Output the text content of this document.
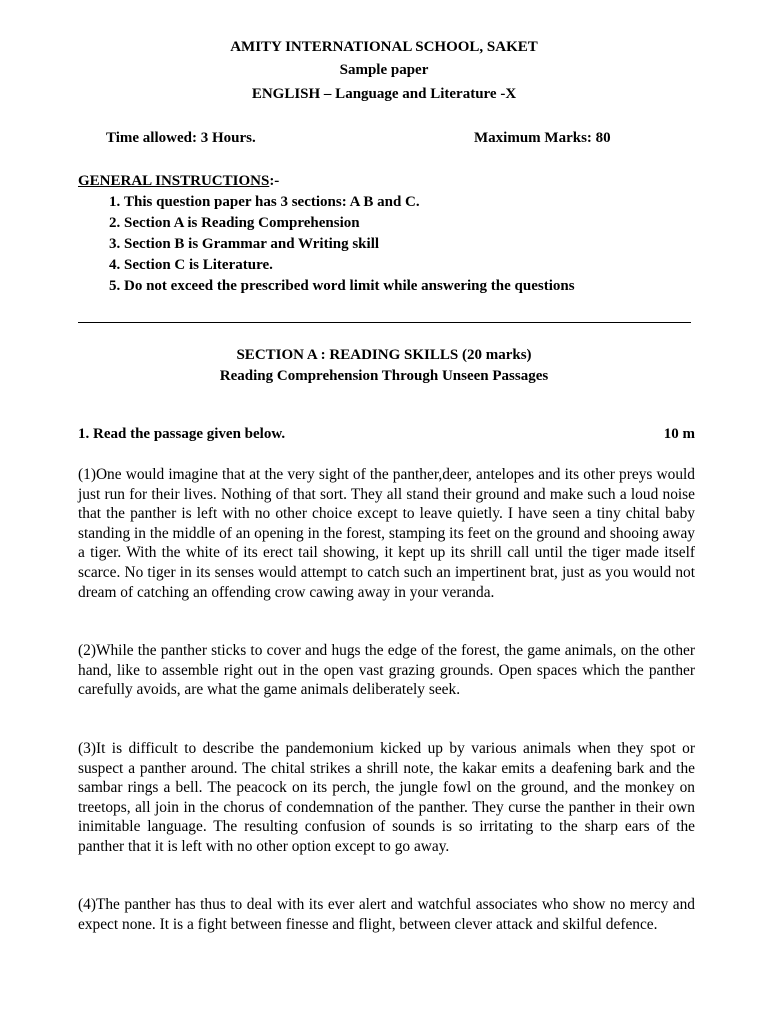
AMITY INTERNATIONAL SCHOOL, SAKET
Sample paper
ENGLISH – Language and Literature -X
Time allowed: 3 Hours.	Maximum Marks: 80
GENERAL INSTRUCTIONS:-
1. This question paper has 3 sections: A B and C.
2. Section A is Reading Comprehension
3. Section B is Grammar and Writing skill
4. Section C is Literature.
5. Do not exceed the prescribed word limit while answering the questions
SECTION A : READING SKILLS (20 marks)
Reading Comprehension Through Unseen Passages
1. Read the passage given below.	10 m

(1)One would imagine that at the very sight of the panther,deer, antelopes and its other preys would just run for their lives. Nothing of that sort. They all stand their ground and make such a loud noise that the panther is left with no other choice except to leave quietly. I have seen a tiny chital baby standing in the middle of an opening in the forest, stamping its feet on the ground and shooing away a tiger. With the white of its erect tail showing, it kept up its shrill call until the tiger made itself scarce. No tiger in its senses would attempt to catch such an impertinent brat, just as you would not dream of catching an offending crow cawing away in your veranda.

(2)While the panther sticks to cover and hugs the edge of the forest, the game animals, on the other hand, like to assemble right out in the open vast grazing grounds. Open spaces which the panther carefully avoids, are what the game animals deliberately seek.

(3)It is difficult to describe the pandemonium kicked up by various animals when they spot or suspect a panther around. The chital strikes a shrill note, the kakar emits a deafening bark and the sambar rings a bell. The peacock on its perch, the jungle fowl on the ground, and the monkey on treetops, all join in the chorus of condemnation of the panther. They curse the panther in their own inimitable language. The resulting confusion of sounds is so irritating to the sharp ears of the panther that it is left with no other option except to go away.

(4)The panther has thus to deal with its ever alert and watchful associates who show no mercy and expect none. It is a fight between finesse and flight, between clever attack and skilful defence.
